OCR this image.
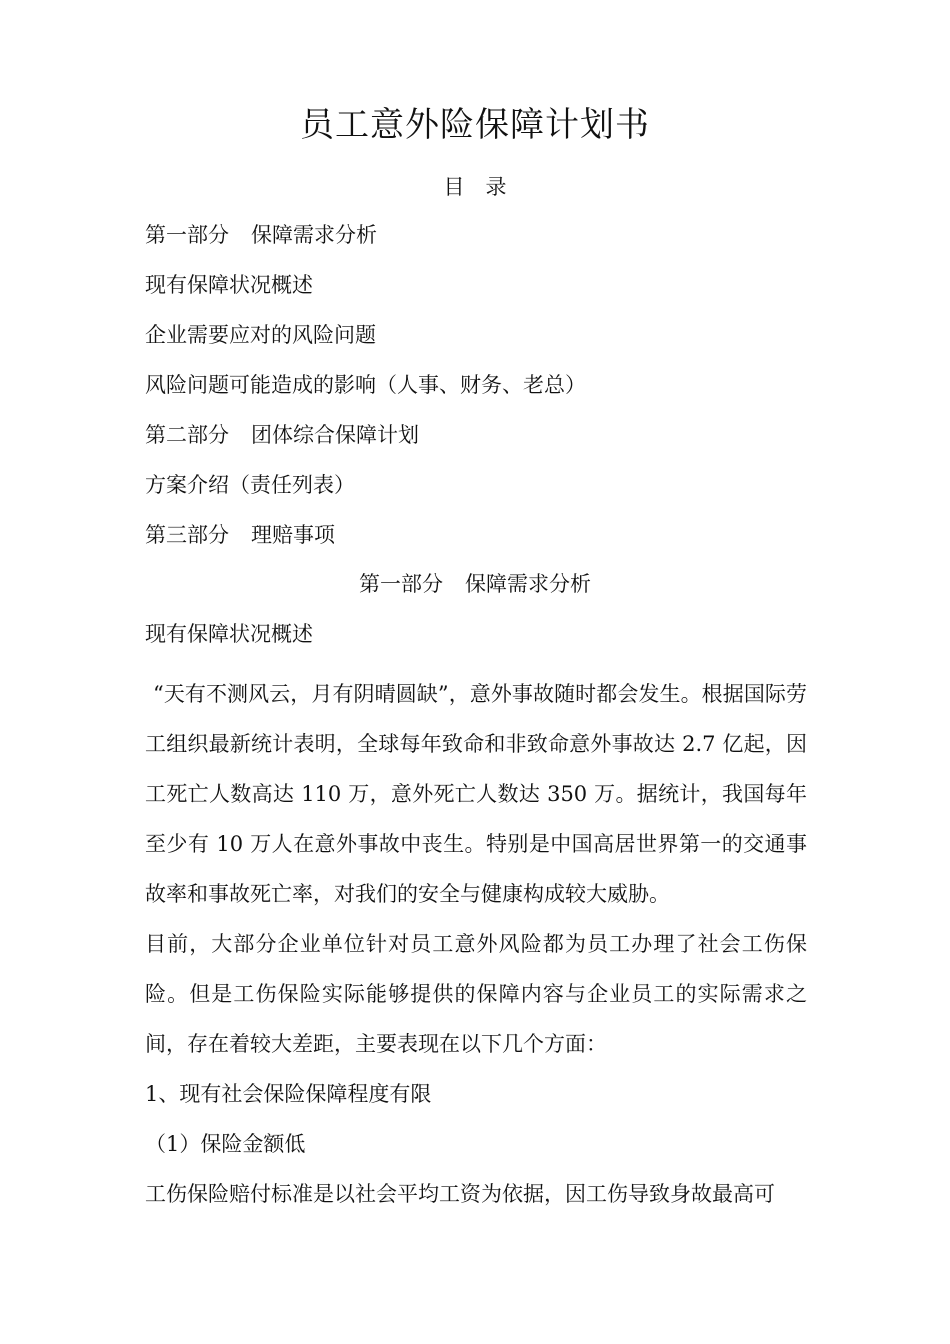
员工意外险保障计划书
目　录
第一部分 保障需求分析
现有保障状况概述
企业需要应对的风险问题
风险问题可能造成的影响（人事、财务、老总）
第二部分 团体综合保障计划
方案介绍（责任列表）
第三部分 理赔事项
第一部分 保障需求分析
现有保障状况概述

“天有不测风云，月有阴晴圆缺”，意外事故随时都会发生。根据国际劳工组织最新统计表明，全球每年致命和非致命意外事故达 2.7 亿起，因工死亡人数高达 110 万，意外死亡人数达 350 万。据统计，我国每年至少有 10 万人在意外事故中丧生。特别是中国高居世界第一的交通事故率和事故死亡率，对我们的安全与健康构成较大威胁。

目前，大部分企业单位针对员工意外风险都为员工办理了社会工伤保险。但是工伤保险实际能够提供的保障内容与企业员工的实际需求之间，存在着较大差距，主要表现在以下几个方面：

1、现有社会保险保障程度有限

（1）保险金额低

工伤保险赔付标准是以社会平均工资为依据，因工伤导致身故最高可
